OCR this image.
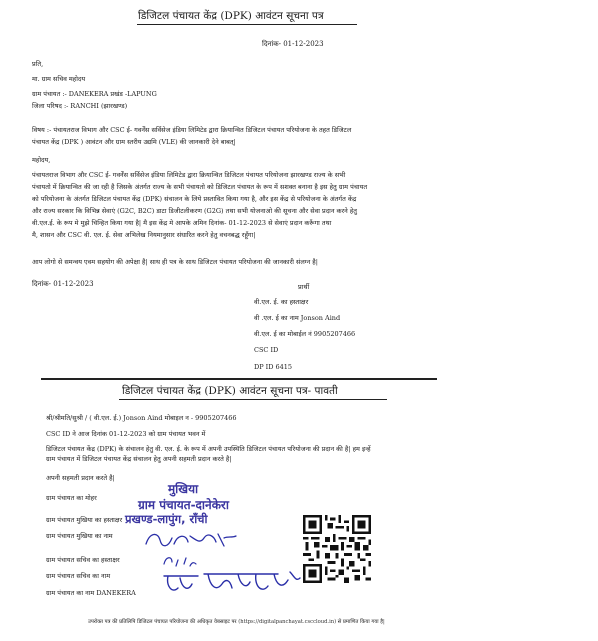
डिजिटल पंचायत केंद्र (DPK) आवंटन सूचना पत्र
दिनांक- 01-12-2023
प्रति,
मा. ग्राम सचिव महोदय
ग्राम पंचायत :- DANEKERA प्रखंड -LAPUNG
जिला परिषद :- RANCHI (झारखण्ड)
विषय :- पंचायतराज विभाग और CSC ई- गवर्नेंस सर्विसेज इंडिया लिमिटेड द्वारा क्रियान्वित डिजिटल पंचायत परियोजना के तहत डिजिटल
पंचायत केंद्र (DPK ) आवंटन और ग्राम स्तरीय उद्यमि (VLE) की जानकारी देने बाबत्|
महोदय,
पंचायतराज विभाग और CSC ई- गवर्नेंस सर्विसेज इंडिया लिमिटेड द्वारा क्रियान्वित डिजिटल पंचायत परियोजना झारखण्ड राज्य के सभी
पंचायतो में क्रियान्वित की जा रही है जिसके अंतर्गत राज्य के सभी पंचायतो को डिजिटल पंचायत के रूप में सशक्त बनाना है इस हेतु ग्राम पंचायत
को परियोजना के अंतर्गत डिजिटल पंचायत केंद्र (DPK) संचालन के लिये प्रस्तावित किया गया है, और इस केंद्र से परियोजना के अंतर्गत केंद्र
और राज्य सरकार कि विभिन्न सेवाएं (G2C, B2C) डाटा डिजीटलीकरण (G2G) तथा सभी योजनाओ की सूचना और सेवा प्रदान करने हेतु
वी.एल.ई. के रूप मे मुझे चिन्हित किया गया है| मै इस केंद्र मे आपके अमिन दिनांक- 01-12-2023 से सेवाएं प्रदान करूँगा तथा
मै, शासन और CSC वी. एल. ई. सेवा अभिलेख नियमानुसार संधारित करने हेतु वचनबद्ध रहूँगा|
आप लोगो से समन्वय एवम सहयोग की अपेक्षा है| साथ ही पत्र के साथ डिजिटल पंचायत परियोजना की जानकारी संलग्न है|
दिनांक- 01-12-2023	प्रार्थी
वी.एल. ई. का हस्ताक्षर
वी .एल. ई का नाम Jonson Aind
वी.एल. ई का मोबाईल नं 9905207466
CSC ID
DP ID 6415
डिजिटल पंचायत केंद्र (DPK) आवंटन सूचना पत्र- पावती
श्री/श्रीमति/सुश्री / ( वी.एल. ई.) Jonson Aind मोबाइल न - 9905207466
CSC ID ने आज दिनांक 01-12-2023 को ग्राम पंचायत भवन में
डिजिटल पंचायत केंद्र (DPK) के संचालन हेतु वी. एल. ई. के रूप में अपनी उपस्थिति डिजिटल पंचायत परियोजना की प्रदान की है| हम इन्हें
ग्राम पंचायत में डिजिटल पंचायत केंद्र संचालन हेतु अपनी सहमती प्रदान करते है|
अपनी सहमती प्रदान करते है|
ग्राम पंचायत का मोहर
ग्राम पंचायत मुखिया का हस्ताक्षर
ग्राम पंचायत मुखिया का नाम
ग्राम पंचायत सचिव का हस्ताक्षर
ग्राम पंचायत सचिव का नाम
ग्राम पंचायत का नाम DANEKERA
मुखिया
ग्राम पंचायत-दानेकेरा
प्रखण्ड-लापुंग, राँची
उपरोक्त पत्र की प्रतिलिपि डिजिटल पंचायत परियोजना की अधिकृत वेबसाइट पर (https://digitalpanchayat.csccloud.in) से प्रमाणित किया गया है|
